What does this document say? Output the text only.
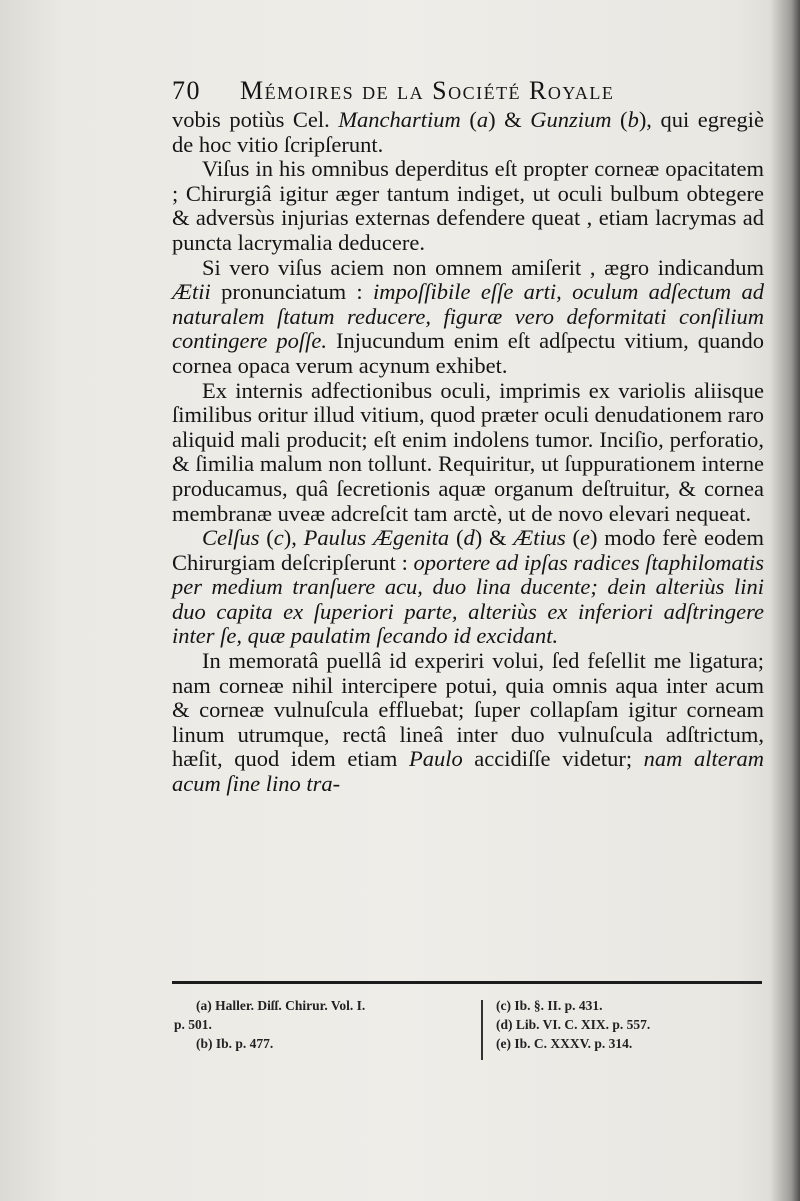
70 Mémoires de la Société Royale

vobis potiùs Cel. Manchartium (a) & Gunzium (b), qui egregiè de hoc vitio ſcripſerunt.

Viſus in his omnibus deperditus eſt propter corneæ opacitatem ; Chirurgiâ igitur æger tantum indiget, ut oculi bulbum obtegere & adversùs injurias externas defendere queat , etiam lacrymas ad puncta lacrymalia deducere.

Si vero viſus aciem non omnem amiſerit , ægro indicandum Ætii pronunciatum : impoſſibile eſſe arti, oculum adſectum ad naturalem ſtatum reducere, figuræ vero deformitati conſilium contingere poſſe. Injucundum enim eſt adſpectu vitium, quando cornea opaca verum acynum exhibet.

Ex internis adfectionibus oculi, imprimis ex variolis aliisque ſimilibus oritur illud vitium, quod præter oculi denudationem raro aliquid mali producit; eſt enim indolens tumor. Inciſio, perforatio, & ſimilia malum non tollunt. Requiritur, ut ſuppurationem interne producamus, quâ ſecretionis aquæ organum deſtruitur, & cornea membranæ uveæ adcreſcit tam arctè, ut de novo elevari nequeat.

Celſus (c), Paulus Ægenita (d) & Ætius (e) modo ferè eodem Chirurgiam deſcripſerunt : oportere ad ipſas radices ſtaphilomatis per medium tranſuere acu, duo lina ducente; dein alteriùs lini duo capita ex ſuperiori parte, alteriùs ex inferiori adſtringere inter ſe, quæ paulatim ſecando id excidant.

In memoratâ puellâ id experiri volui, ſed feſellit me ligatura; nam corneæ nihil intercipere potui, quia omnis aqua inter acum & corneæ vulnuſcula effluebat; ſuper collapſam igitur corneam linum utrumque, rectâ lineâ inter duo vulnuſcula adſtrictum, hæſit, quod idem etiam Paulo accidiſſe videtur; nam alteram acum ſine lino tra-

(a) Haller. Diſſ. Chirur. Vol. I.
p. 501.
(b) Ib. p. 477.
(c) Ib. §. II. p. 431.
(d) Lib. VI. C. XIX. p. 557.
(e) Ib. C. XXXV. p. 314.
